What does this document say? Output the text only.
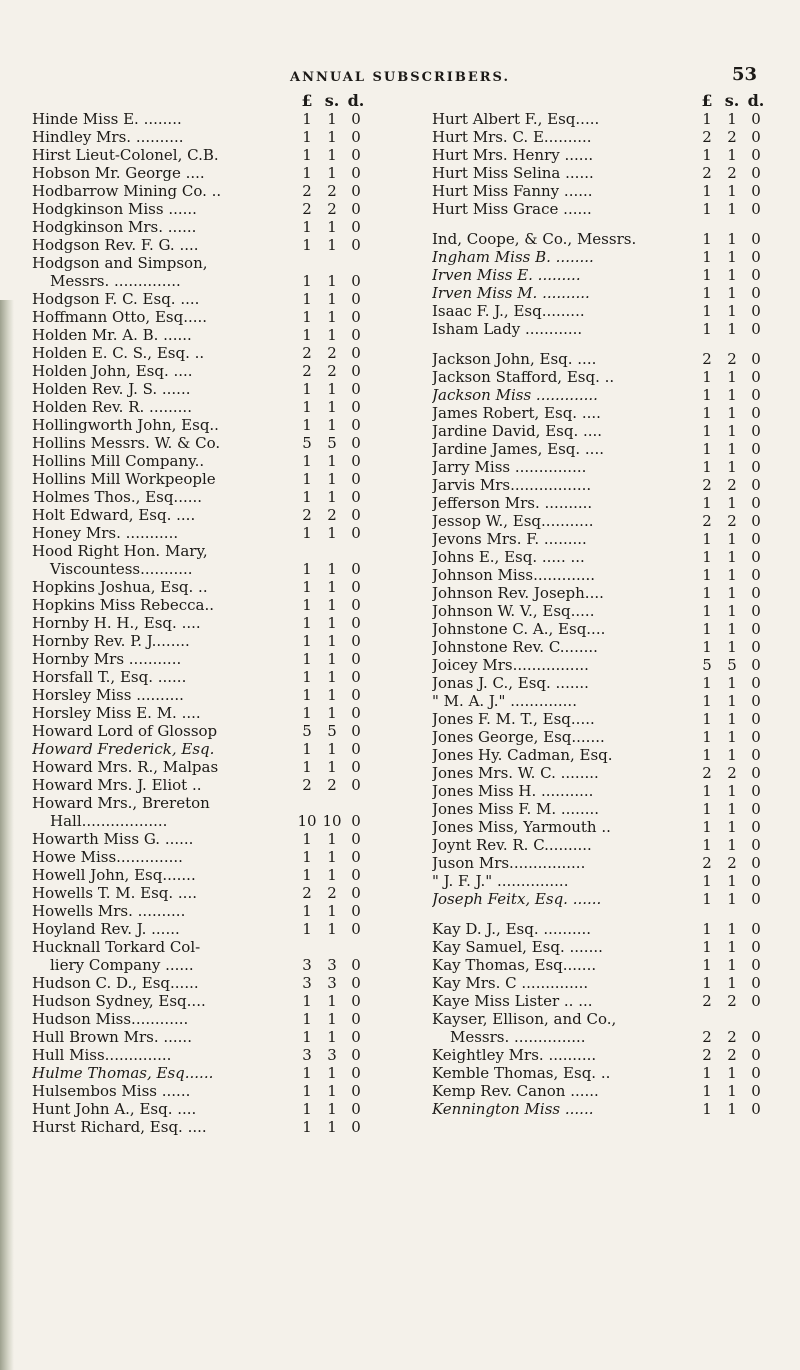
ANNUAL SUBSCRIBERS.	53
£ s. d.
Hinde Miss E. ........	1	1 0
Hindley Mrs. ..........	1	1 0
Hirst Lieut-Colonel, C.B.	1	1 0
Hobson Mr. George ....	1	1 0
Hodbarrow Mining Co. ..	2	2 0
Hodgkinson Miss ......	2	2 0
Hodgkinson Mrs. ......	1	1 0
Hodgson Rev. F. G. ....	1	1 0
Hodgson and Simpson,
Messrs. ..............	1	1 0
Hodgson F. C. Esq. ....	1	1 0
Hoffmann Otto, Esq.....	1	1 0
Holden Mr. A. B. ......	1	1 0
Holden E. C. S., Esq. ..	2	2 0
Holden John, Esq. ....	2	2 0
Holden Rev. J. S. ......	1	1 0
Holden Rev. R. .........	1	1 0
Hollingworth John, Esq..	1	1 0
Hollins Messrs. W. & Co.	5	5 0
Hollins Mill Company..	1	1 0
Hollins Mill Workpeople	1	1 0
Holmes Thos., Esq......	1	1 0
Holt Edward, Esq. ....	2	2 0
Honey Mrs. ...........	1	1 0
Hood Right Hon. Mary,
Viscountess...........	1	1 0
Hopkins Joshua, Esq. ..	1	1 0
Hopkins Miss Rebecca..	1	1 0
Hornby H. H., Esq. ....	1	1 0
Hornby Rev. P. J........	1	1 0
Hornby Mrs ...........	1	1 0
Horsfall T., Esq. ......	1	1 0
Horsley Miss ..........	1	1 0
Horsley Miss E. M. ....	1	1 0
Howard Lord of Glossop	5	5 0
Howard Frederick, Esq.	1	1 0
Howard Mrs. R., Malpas	1	1 0
Howard Mrs. J. Eliot ..	2	2 0
Howard Mrs., Brereton
Hall..................	10 10 0
Howarth Miss G. ......	1	1 0
Howe Miss..............	1	1 0
Howell John, Esq.......	1	1 0
Howells T. M. Esq. ....	2	2 0
Howells Mrs. ..........	1	1 0
Hoyland Rev. J. ......	1	1 0
Hucknall Torkard Col-
liery Company ......	3	3 0
Hudson C. D., Esq......	3	3 0
Hudson Sydney, Esq....	1	1 0
Hudson Miss............	1	1 0
Hull Brown Mrs. ......	1	1 0
Hull Miss..............	3	3 0
Hulme Thomas, Esq......	1	1 0
Hulsembos Miss ......	1	1 0
Hunt John A., Esq. ....	1	1 0
Hurst Richard, Esq. ....	1	1 0
£ s. d.
Hurt Albert F., Esq.....	1	1 0
Hurt Mrs. C. E..........	2	2 0
Hurt Mrs. Henry ......	1	1 0
Hurt Miss Selina ......	2	2 0
Hurt Miss Fanny ......	1	1 0
Hurt Miss Grace ......	1	1 0
Ind, Coope, & Co., Messrs.	1	1 0
Ingham Miss B. ........	1	1 0
Irven Miss E. .........	1	1 0
Irven Miss M. ..........	1	1 0
Isaac F. J., Esq.........	1	1 0
Isham Lady ............	1	1 0
Jackson John, Esq. ....	2	2 0
Jackson Stafford, Esq. ..	1	1 0
Jackson Miss .............	1	1 0
James Robert, Esq. ....	1	1 0
Jardine David, Esq. ....	1	1 0
Jardine James, Esq. ....	1	1 0
Jarry Miss ...............	1	1 0
Jarvis Mrs.................	2	2 0
Jefferson Mrs. ..........	1	1 0
Jessop W., Esq...........	2	2 0
Jevons Mrs. F. .........	1	1 0
Johns E., Esq. ..... ...	1	1 0
Johnson Miss.............	1	1 0
Johnson Rev. Joseph....	1	1 0
Johnson W. V., Esq.....	1	1 0
Johnstone C. A., Esq....	1	1 0
Johnstone Rev. C........	1	1 0
Joicey Mrs................	5	5 0
Jonas J. C., Esq. .......	1	1 0
" M. A. J." ..............	1	1 0
Jones F. M. T., Esq.....	1	1 0
Jones George, Esq.......	1	1 0
Jones Hy. Cadman, Esq.	1	1 0
Jones Mrs. W. C. ........	2	2 0
Jones Miss H. ...........	1	1 0
Jones Miss F. M. ........	1	1 0
Jones Miss, Yarmouth ..	1	1 0
Joynt Rev. R. C..........	1	1 0
Juson Mrs................	2	2 0
" J. F. J." ...............	1	1 0
Joseph Feitx, Esq. ......	1	1 0
Kay D. J., Esq. ..........	1	1 0
Kay Samuel, Esq. .......	1	1 0
Kay Thomas, Esq.......	1	1 0
Kay Mrs. C ..............	1	1 0
Kaye Miss Lister .. ...	2	2 0
Kayser, Ellison, and Co.,
Messrs. ...............	2	2 0
Keightley Mrs. ..........	2	2 0
Kemble Thomas, Esq. ..	1	1 0
Kemp Rev. Canon ......	1	1 0
Kennington Miss ......	1	1 0
